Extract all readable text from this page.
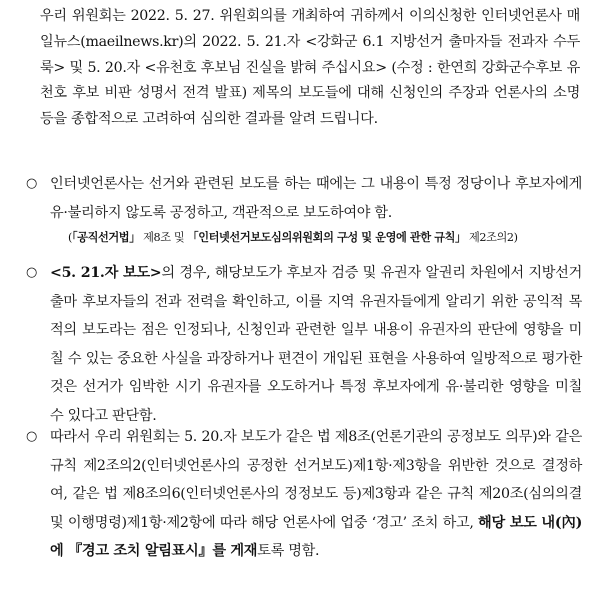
우리 위원회는 2022. 5. 27. 위원회의를 개최하여 귀하께서 이의신청한 인터넷언론사 매일뉴스(maeilnews.kr)의 2022. 5. 21.자 <강화군 6.1 지방선거 출마자들 전과자 수두룩> 및 5. 20.자 <유천호 후보님 진실을 밝혀 주십시요> (수정 : 한연희 강화군수후보 유천호 후보 비판 성명서 전격 발표) 제목의 보도들에 대해 신청인의 주장과 언론사의 소명 등을 종합적으로 고려하여 심의한 결과를 알려 드립니다.
○ 인터넷언론사는 선거와 관련된 보도를 하는 때에는 그 내용이 특정 정당이나 후보자에게 유·불리하지 않도록 공정하고, 객관적으로 보도하여야 함.
(「공직선거법」 제8조 및 「인터넷선거보도심의위원회의 구성 및 운영에 관한 규칙」 제2조의2)
○ <5. 21.자 보도>의 경우, 해당보도가 후보자 검증 및 유권자 알권리 차원에서 지방선거 출마 후보자들의 전과 전력을 확인하고, 이를 지역 유권자들에게 알리기 위한 공익적 목적의 보도라는 점은 인정되나, 신청인과 관련한 일부 내용이 유권자의 판단에 영향을 미칠 수 있는 중요한 사실을 과장하거나 편견이 개입된 표현을 사용하여 일방적으로 평가한 것은 선거가 임박한 시기 유권자를 오도하거나 특정 후보자에게 유·불리한 영향을 미칠 수 있다고 판단함.
○ 따라서 우리 위원회는 5. 20.자 보도가 같은 법 제8조(언론기관의 공정보도 의무)와 같은 규칙 제2조의2(인터넷언론사의 공정한 선거보도)제1항·제3항을 위반한 것으로 결정하여, 같은 법 제8조의6(인터넷언론사의 정정보도 등)제3항과 같은 규칙 제20조(심의의결 및 이행명령)제1항·제2항에 따라 해당 언론사에 업중 ‘경고’ 조치 하고, 해당 보도 내(內)에 『경고 조치 알림표시』를 게재토록 명함.
